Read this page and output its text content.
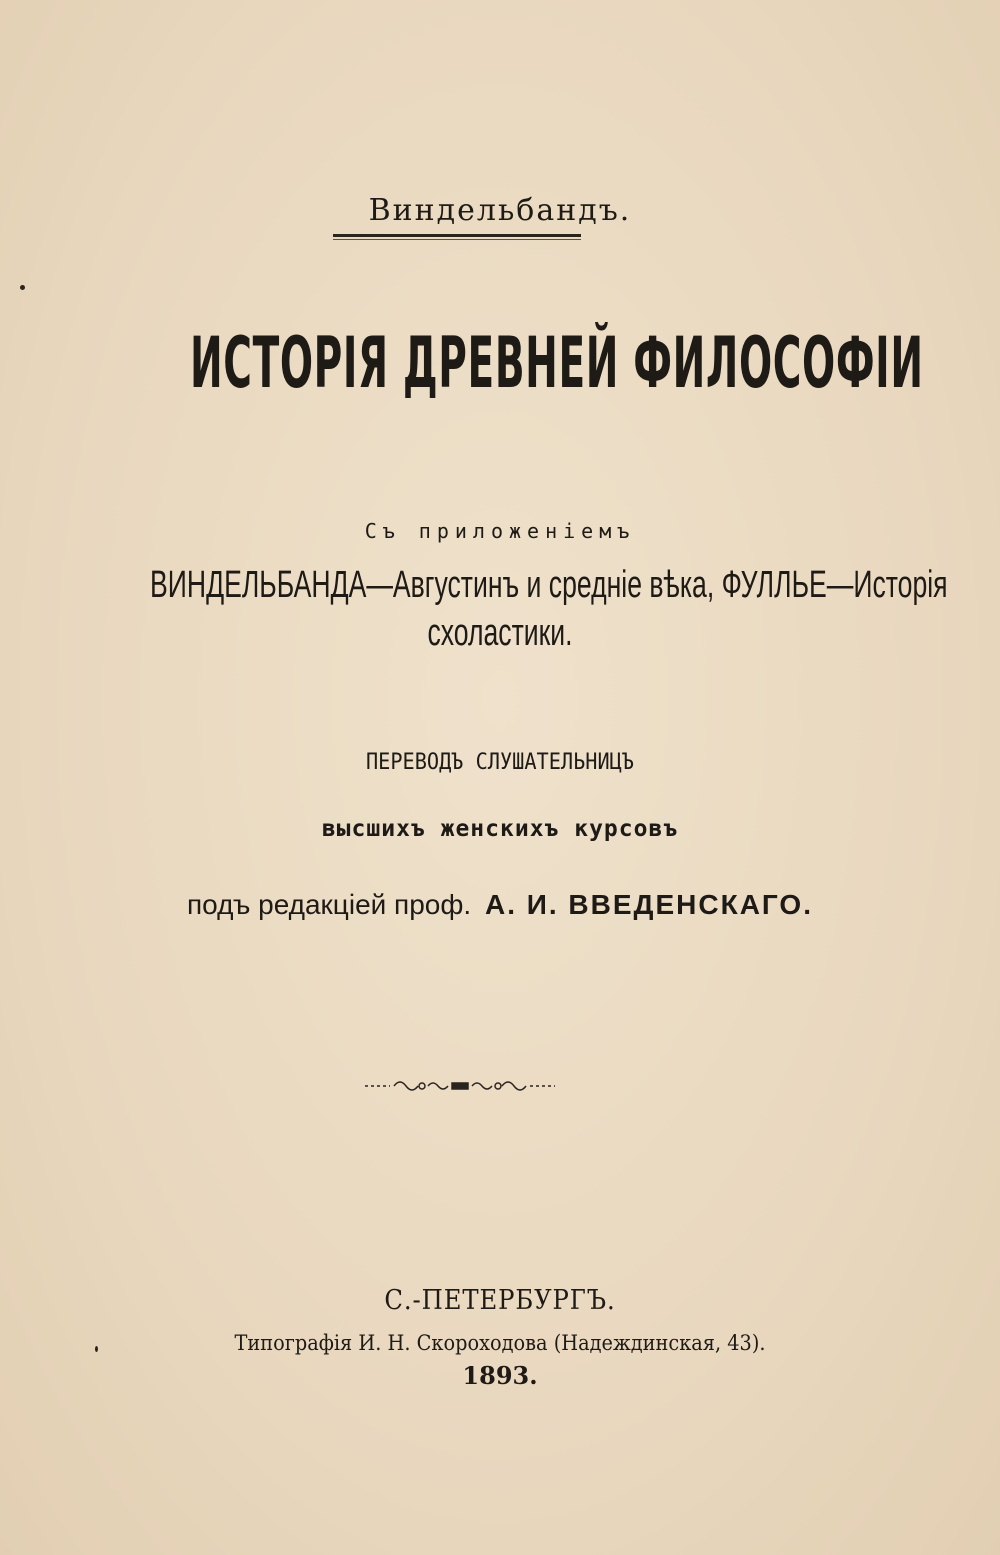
Виндельбандъ.
ИСТОРІЯ ДРЕВНЕЙ ФИЛОСОФІИ
Съ приложеніемъ
ВИНДЕЛЬБАНДА—Августинъ и средніе вѣка, ФУЛЛЬЕ—Исторія
схоластики.
ПЕРЕВОДЪ СЛУШАТЕЛЬНИЦЪ
высшихъ женскихъ курсовъ
подъ редакціей проф. А. И. ВВЕДЕНСКАГО.
С.-ПЕТЕРБУРГЪ.
Типографія И. Н. Скороходова (Надеждинская, 43).
1893.
